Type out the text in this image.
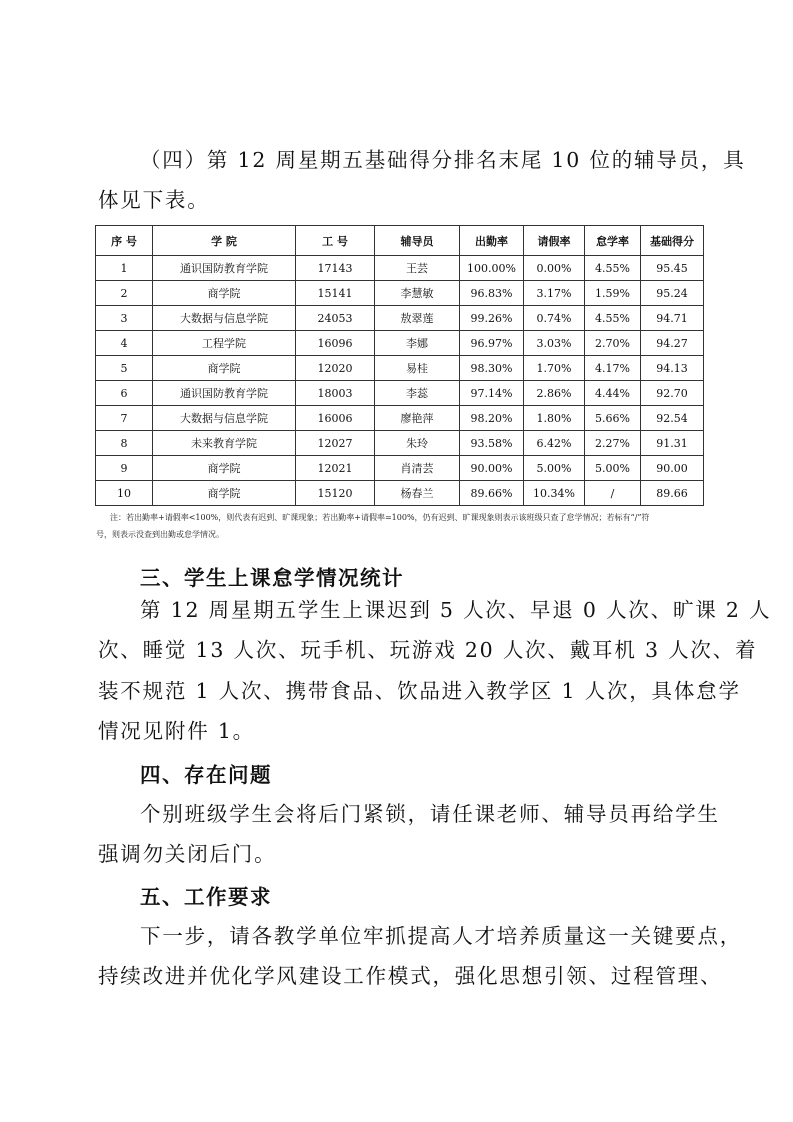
（四）第 12 周星期五基础得分排名末尾 10 位的辅导员，具
体见下表。
序 号	学 院	工 号	辅导员	出勤率	请假率	怠学率	基础得分
1	通识国防教育学院	17143	王芸	100.00%	0.00%	4.55%	95.45
2	商学院	15141	李慧敏	96.83%	3.17%	1.59%	95.24
3	大数据与信息学院	24053	敖翠莲	99.26%	0.74%	4.55%	94.71
4	工程学院	16096	李娜	96.97%	3.03%	2.70%	94.27
5	商学院	12020	易桂	98.30%	1.70%	4.17%	94.13
6	通识国防教育学院	18003	李蕊	97.14%	2.86%	4.44%	92.70
7	大数据与信息学院	16006	廖艳萍	98.20%	1.80%	5.66%	92.54
8	未来教育学院	12027	朱玲	93.58%	6.42%	2.27%	91.31
9	商学院	12021	肖清芸	90.00%	5.00%	5.00%	90.00
10	商学院	15120	杨春兰	89.66%	10.34%	/	89.66
注：若出勤率+请假率<100%，则代表有迟到、旷课现象；若出勤率+请假率=100%，仍有迟到、旷课现象则表示该班级只查了怠学情况；若标有“/”符
号，则表示没查到出勤或怠学情况。
三、学生上课怠学情况统计
第 12 周星期五学生上课迟到 5 人次、早退 0 人次、旷课 2 人
次、睡觉 13 人次、玩手机、玩游戏 20 人次、戴耳机 3 人次、着
装不规范 1 人次、携带食品、饮品进入教学区 1 人次，具体怠学
情况见附件 1。
四、存在问题
个别班级学生会将后门紧锁，请任课老师、辅导员再给学生
强调勿关闭后门。
五、工作要求
下一步，请各教学单位牢抓提高人才培养质量这一关键要点，
持续改进并优化学风建设工作模式，强化思想引领、过程管理、
